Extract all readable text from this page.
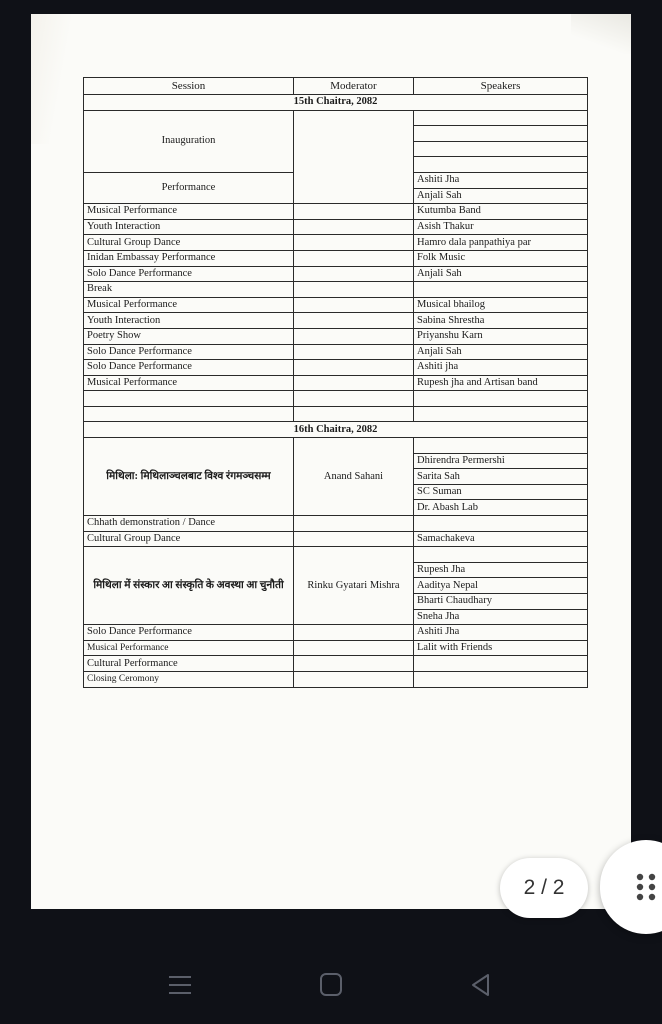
Session	Moderator	Speakers
15th Chaitra, 2082		
Inauguration		

Performance		Ashiti Jha
		Anjali Sah
Musical Performance		Kutumba Band
Youth Interaction		Asish Thakur
Cultural Group Dance		Hamro dala panpathiya par
Inidan Embassay Performance		Folk Music
Solo Dance Performance		Anjali Sah
Break		
Musical Performance		Musical bhailog
Youth Interaction		Sabina Shrestha
Poetry Show		Priyanshu Karn
Solo Dance Performance		Anjali Sah
Solo Dance Performance		Ashiti jha
Musical Performance		Rupesh jha and Artisan band

16th Chaitra, 2082		
मिथिला: मिथिलाञ्चलबाट विश्व रंगमञ्चसम्म	Anand Sahani	
		Dhirendra Permershi
		Sarita Sah
		SC Suman
		Dr. Abash Lab
Chhath demonstration / Dance		
Cultural Group Dance		Samachakeva
मिथिला में संस्कार आ संस्कृति के अवस्था आ चुनौती	Rinku Gyatari Mishra	
		Rupesh Jha
		Aaditya Nepal
		Bharti Chaudhary
		Sneha Jha
Solo Dance Performance		Ashiti Jha
Musical Performance		Lalit with Friends
Cultural Performance		
Closing Ceromony		
2 / 2
